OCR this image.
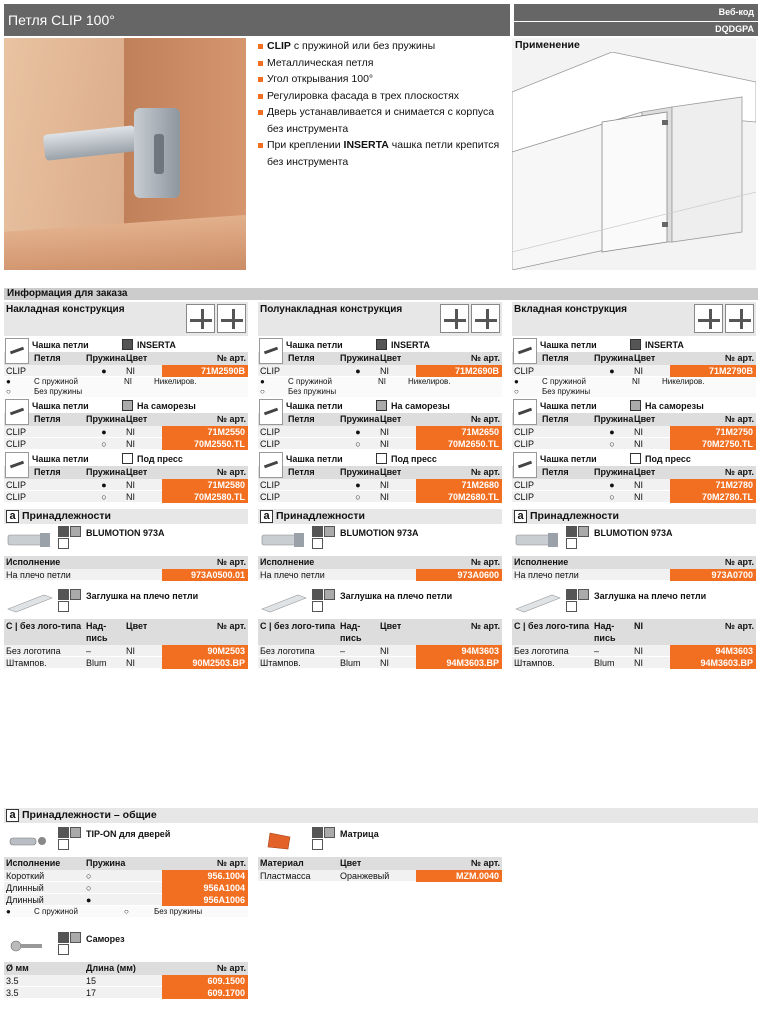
Петля CLIP 100°	Веб-код
DQDGPA
CLIP с пружиной или без пружины
Металлическая петля
Угол открывания 100°
Регулировка фасада в трех плоскостях
Дверь устанавливается и снимается с корпуса без инструмента
При креплении INSERTA чашка петли крепится без инструмента
Применение
Информация для заказа
Накладная конструкция
Чашка петли	INSERTA
Петля	Пружина Цвет	№ арт.
CLIP	●	NI	71M2590B
●	С пружиной	NI	Никелиров.
○	Без пружины
Чашка петли	На саморезы
Петля	Пружина Цвет	№ арт.
CLIP	●	NI	71M2550
CLIP	○	NI	70M2550.TL
Чашка петли	Под пресс
Петля	Пружина Цвет	№ арт.
CLIP	●	NI	71M2580
CLIP	○	NI	70M2580.TL
a Принадлежности
BLUMOTION 973A
Исполнение	№ арт.
На плечо петли	973A0500.01
Заглушка на плечо петли
C | без лого-типа Над-пись
Цвет	№ арт.
Без логотипа	–	NI	90M2503
Штампов.	Blum	NI	90M2503.BP
Полунакладная конструкция
Чашка петли	INSERTA
Петля	Пружина Цвет	№ арт.
CLIP	●	NI	71M2690B
●	С пружиной	NI	Никелиров.
○	Без пружины
Чашка петли	На саморезы
Петля	Пружина Цвет	№ арт.
CLIP	●	NI	71M2650
CLIP	○	NI	70M2650.TL
Чашка петли	Под пресс
Петля	Пружина Цвет	№ арт.
CLIP	●	NI	71M2680
CLIP	○	NI	70M2680.TL
a Принадлежности
BLUMOTION 973A
Исполнение	№ арт.
На плечо петли	973A0600
Заглушка на плечо петли
C | без лого-типа Над-пись
Цвет	№ арт.
Без логотипа	–	NI	94M3603
Штампов.	Blum	NI	94M3603.BP
Вкладная конструкция
Чашка петли	INSERTA
Петля	Пружина Цвет	№ арт.
CLIP	●	NI	71M2790B
●	С пружиной	NI	Никелиров.
○	Без пружины
Чашка петли	На саморезы
Петля	Пружина Цвет	№ арт.
CLIP	●	NI	71M2750
CLIP	○	NI	70M2750.TL
Чашка петли	Под пресс
Петля	Пружина Цвет	№ арт.
CLIP	●	NI	71M2780
CLIP	○	NI	70M2780.TL
a Принадлежности
BLUMOTION 973A
Исполнение	№ арт.
На плечо петли	973A0700
Заглушка на плечо петли
C | без лого-типа Над-пись
NI	№ арт.
Без логотипа	–	NI	94M3603
Штампов.	Blum	NI	94M3603.BP
a Принадлежности – общие
TIP-ON для дверей
Исполнение	Пружина	№ арт.
Короткий	○	956.1004
Длинный	○	956A1004
Длинный	●	956A1006
●	С пружиной	○	Без пружины
Саморез
Ø мм	Длина (мм)	№ арт.
3.5	15	609.1500
3.5	17	609.1700
Матрица
Материал	Цвет	№ арт.
Пластмасса	Оранжевый	MZM.0040
